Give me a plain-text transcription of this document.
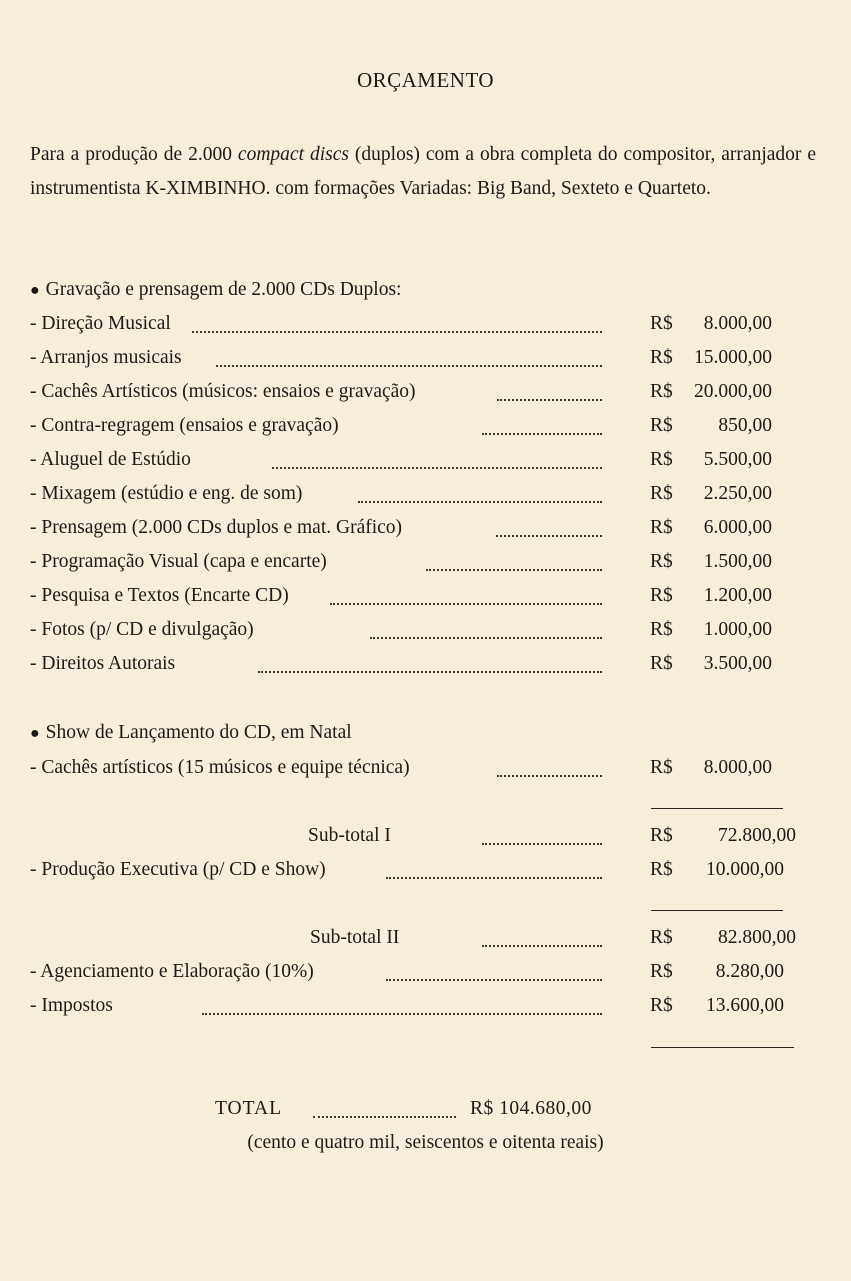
ORÇAMENTO
Para a produção de 2.000 compact discs (duplos) com a obra completa do compositor, arranjador e instrumentista K-XIMBINHO. com formações Variadas: Big Band, Sexteto e Quarteto.
● Gravação e prensagem de 2.000 CDs Duplos:
- Direção Musical	R$ 8.000,00
- Arranjos musicais	R$ 15.000,00
- Cachês Artísticos (músicos: ensaios e gravação)	R$ 20.000,00
- Contra-regragem (ensaios e gravação)	R$ 850,00
- Aluguel de Estúdio	R$ 5.500,00
- Mixagem (estúdio e eng. de som)	R$ 2.250,00
- Prensagem (2.000 CDs duplos e mat. Gráfico)	R$ 6.000,00
- Programação Visual (capa e encarte)	R$ 1.500,00
- Pesquisa e Textos (Encarte CD)	R$ 1.200,00
- Fotos (p/ CD e divulgação)	R$ 1.000,00
- Direitos Autorais	R$ 3.500,00
● Show de Lançamento do CD, em Natal
- Cachês artísticos (15 músicos e equipe técnica)	R$ 8.000,00
Sub-total I	R$ 72.800,00
- Produção Executiva (p/ CD e Show)	R$ 10.000,00
Sub-total II	R$ 82.800,00
- Agenciamento e Elaboração (10%)	R$ 8.280,00
- Impostos	R$ 13.600,00
TOTAL	R$ 104.680,00
(cento e quatro mil, seiscentos e oitenta reais)
